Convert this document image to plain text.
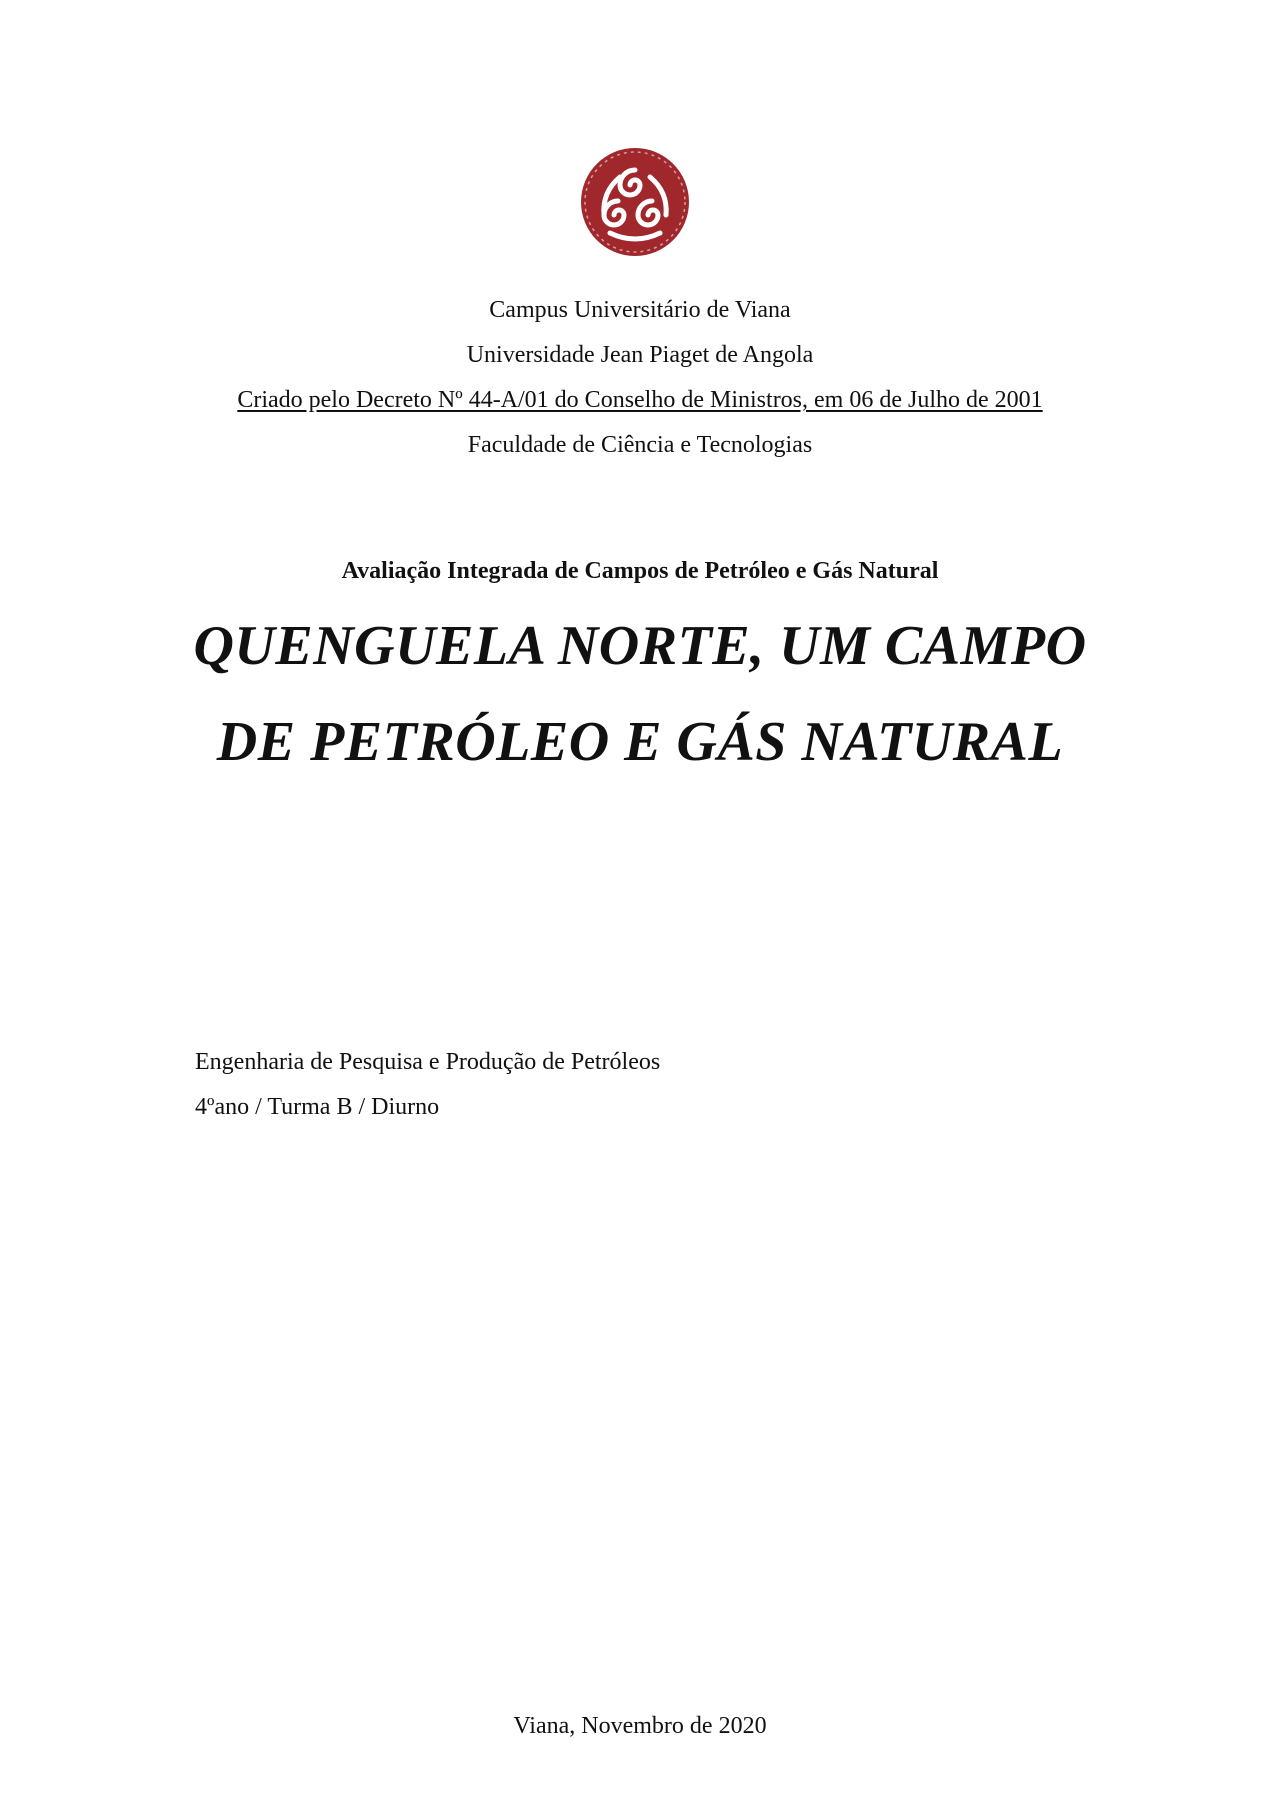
Campus Universitário de Viana
Universidade Jean Piaget de Angola
Criado pelo Decreto Nº 44-A/01 do Conselho de Ministros, em 06 de Julho de 2001
Faculdade de Ciência e Tecnologias
Avaliação Integrada de Campos de Petróleo e Gás Natural
QUENGUELA NORTE, UM CAMPO
DE PETRÓLEO E GÁS NATURAL
Engenharia de Pesquisa e Produção de Petróleos
4ºano / Turma B / Diurno
Viana, Novembro de 2020
